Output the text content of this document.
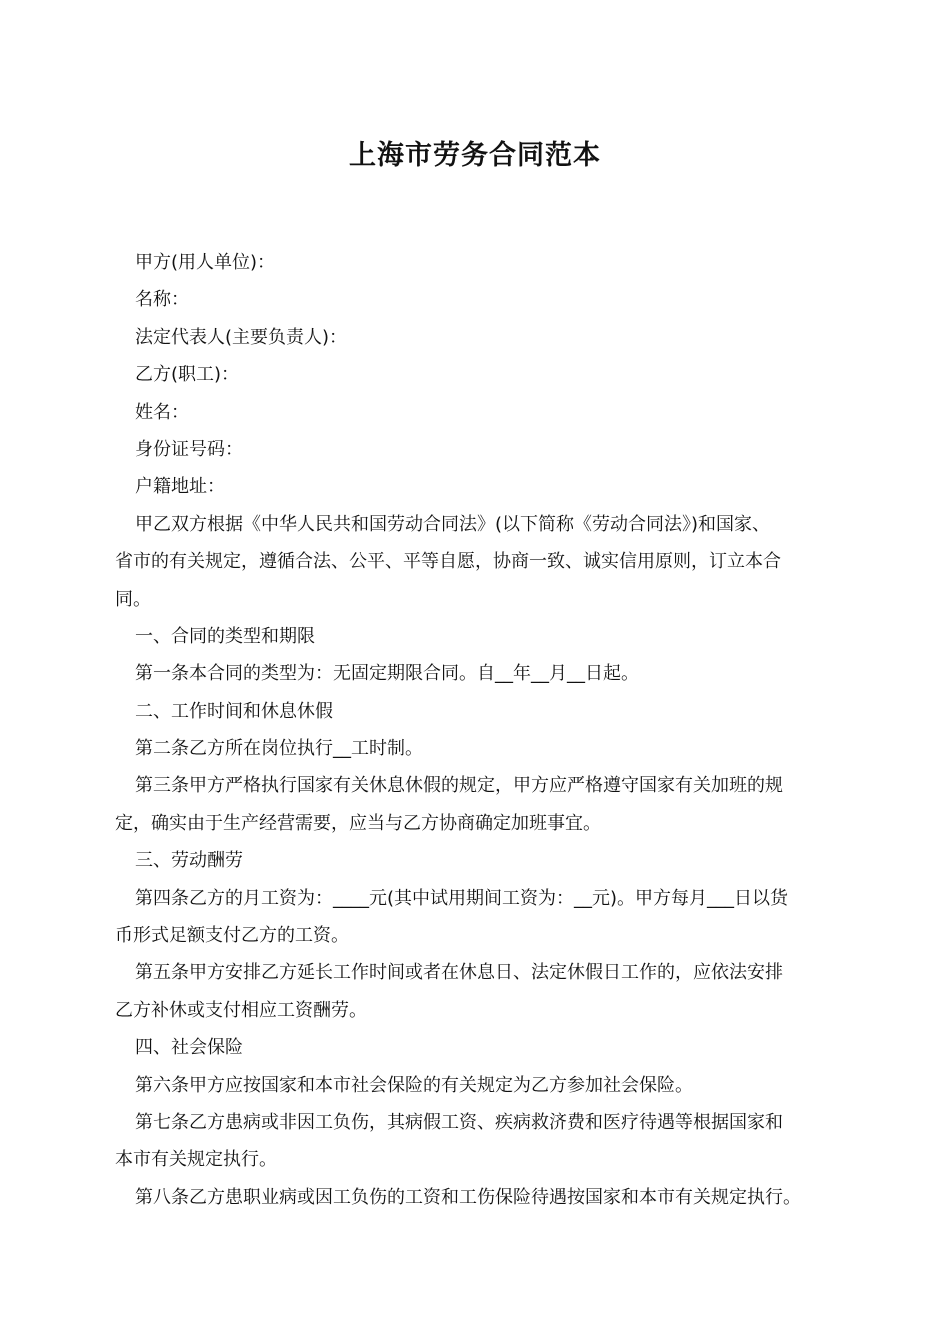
上海市劳务合同范本

甲方(用人单位)：

名称：

法定代表人(主要负责人)：

乙方(职工)：

姓名：

身份证号码：

户籍地址：

甲乙双方根据《中华人民共和国劳动合同法》(以下简称《劳动合同法》)和国家、

省市的有关规定，遵循合法、公平、平等自愿，协商一致、诚实信用原则，订立本合

同。

一、合同的类型和期限

第一条本合同的类型为：无固定期限合同。自__年__月__日起。

二、工作时间和休息休假

第二条乙方所在岗位执行__工时制。

第三条甲方严格执行国家有关休息休假的规定，甲方应严格遵守国家有关加班的规

定，确实由于生产经营需要，应当与乙方协商确定加班事宜。

三、劳动酬劳

第四条乙方的月工资为：____元(其中试用期间工资为：__元)。甲方每月___日以货

币形式足额支付乙方的工资。

第五条甲方安排乙方延长工作时间或者在休息日、法定休假日工作的，应依法安排

乙方补休或支付相应工资酬劳。

四、社会保险

第六条甲方应按国家和本市社会保险的有关规定为乙方参加社会保险。

第七条乙方患病或非因工负伤，其病假工资、疾病救济费和医疗待遇等根据国家和

本市有关规定执行。

第八条乙方患职业病或因工负伤的工资和工伤保险待遇按国家和本市有关规定执行。
